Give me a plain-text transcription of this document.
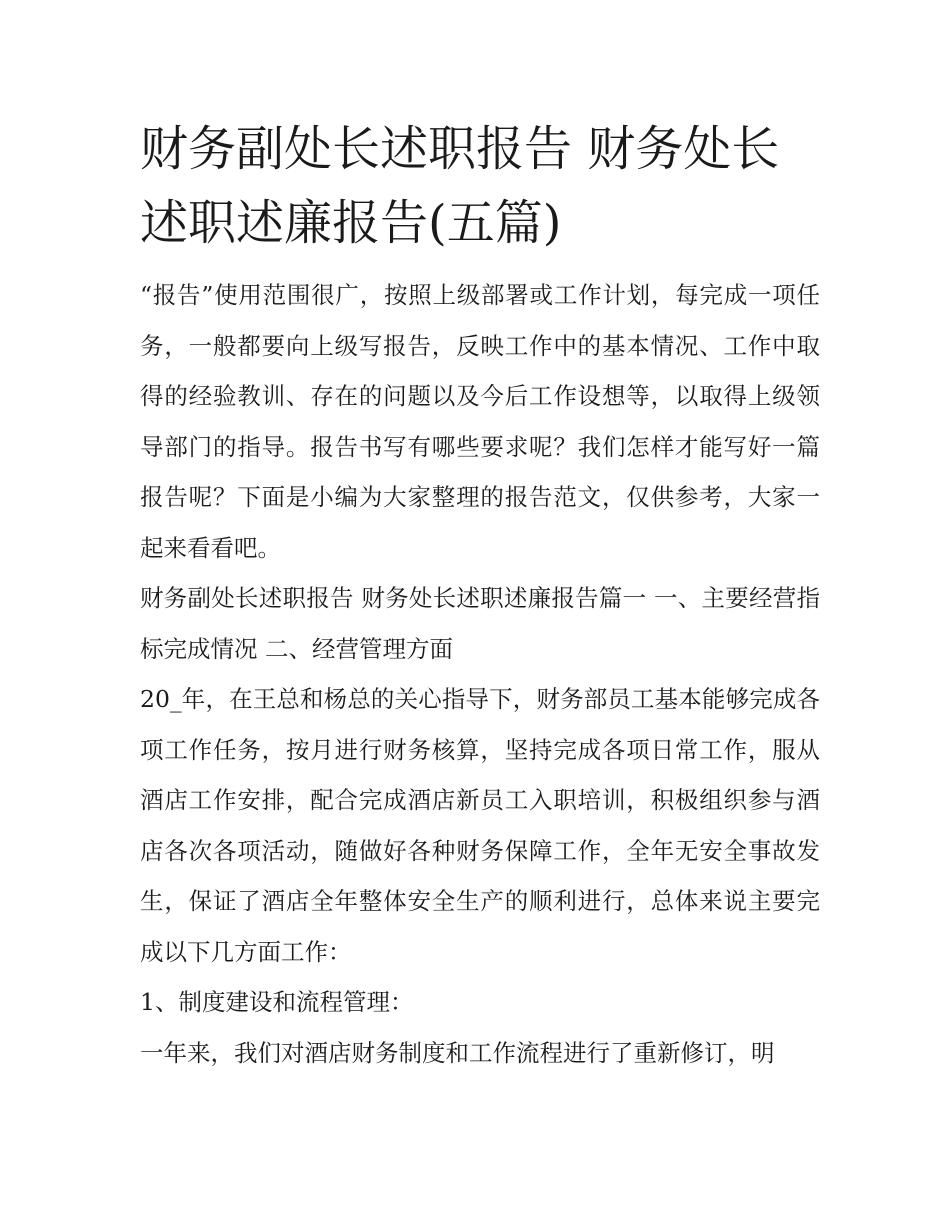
财务副处长述职报告 财务处长述职述廉报告(五篇)

“报告”使用范围很广，按照上级部署或工作计划，每完成一项任务，一般都要向上级写报告，反映工作中的基本情况、工作中取得的经验教训、存在的问题以及今后工作设想等，以取得上级领导部门的指导。报告书写有哪些要求呢？我们怎样才能写好一篇报告呢？下面是小编为大家整理的报告范文，仅供参考，大家一起来看看吧。

财务副处长述职报告 财务处长述职述廉报告篇一 一、主要经营指标完成情况 二、经营管理方面

20_年，在王总和杨总的关心指导下，财务部员工基本能够完成各项工作任务，按月进行财务核算，坚持完成各项日常工作，服从酒店工作安排，配合完成酒店新员工入职培训，积极组织参与酒店各次各项活动，随做好各种财务保障工作，全年无安全事故发生，保证了酒店全年整体安全生产的顺利进行，总体来说主要完成以下几方面工作：

1、制度建设和流程管理：

一年来，我们对酒店财务制度和工作流程进行了重新修订，明
